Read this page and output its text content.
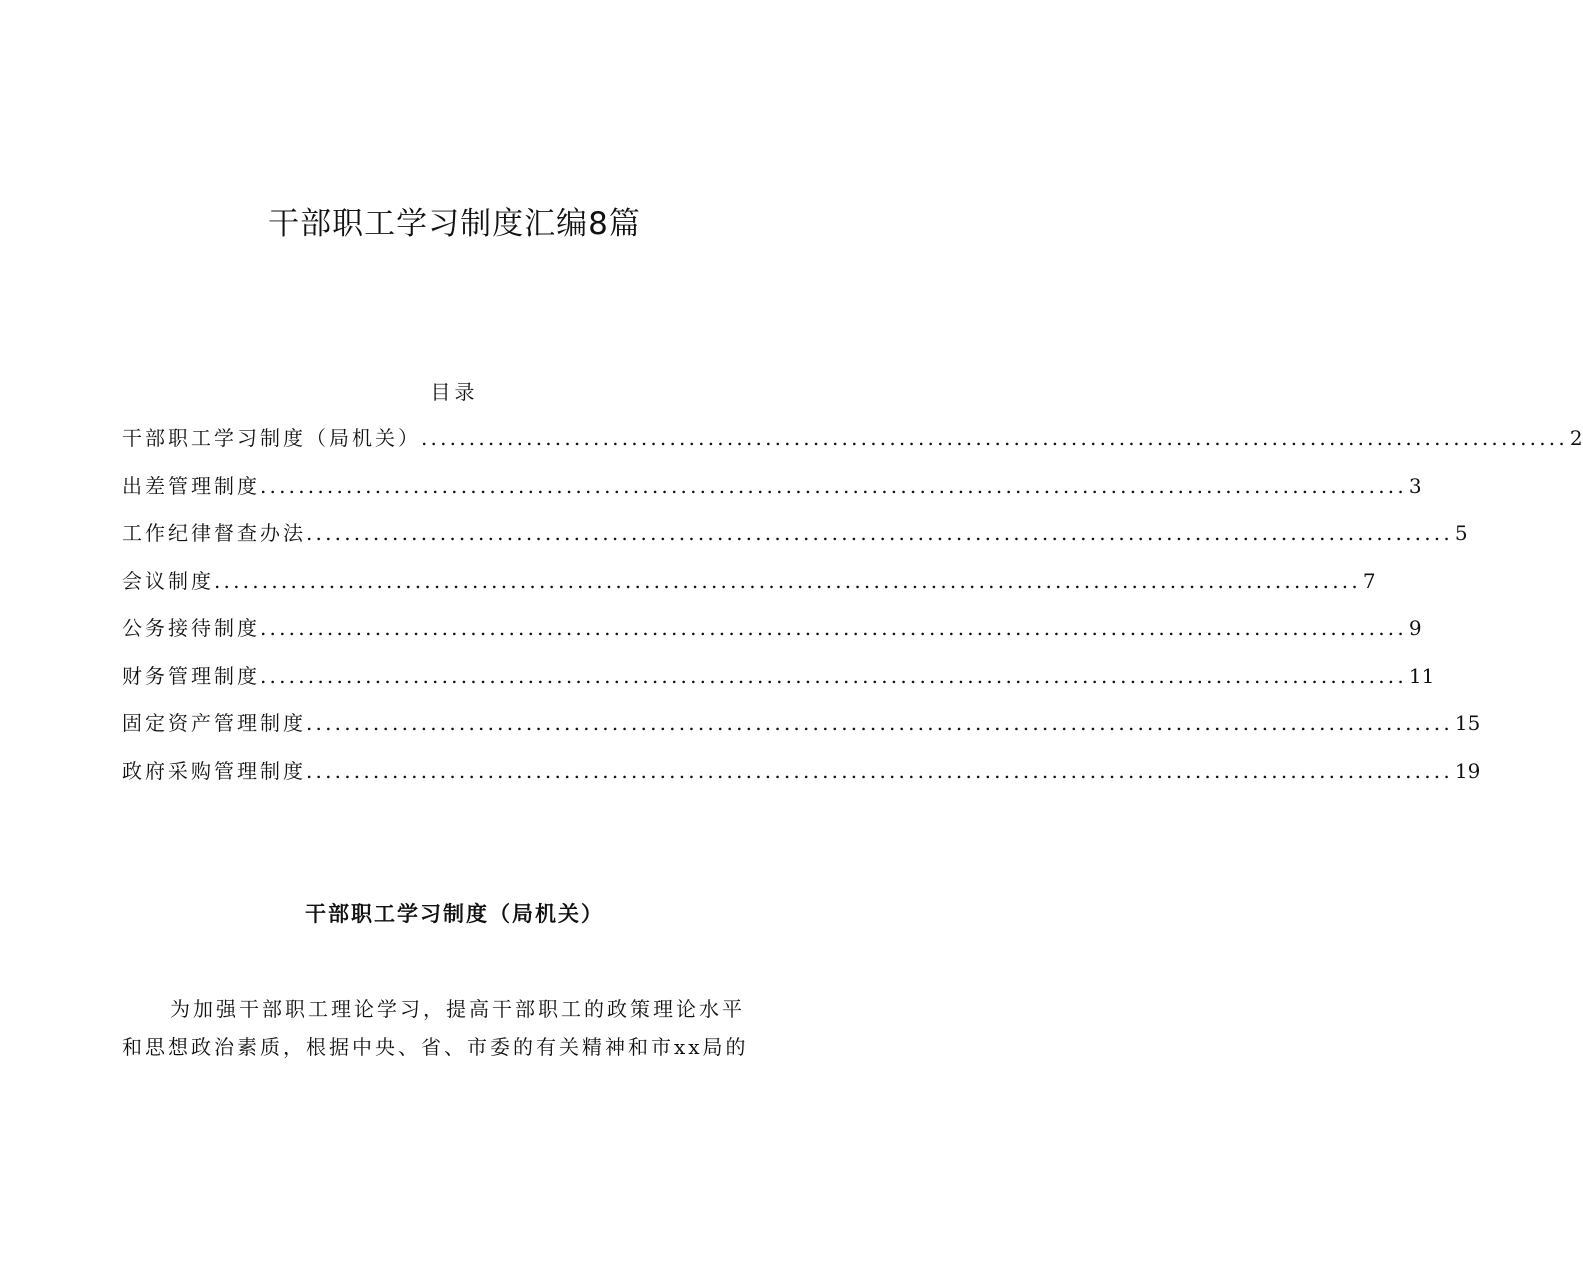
干部职工学习制度汇编8篇
目录
干部职工学习制度（局机关） ........................................................................................................................ 2
出差管理制度 ........................................................................................................................ 3
工作纪律督查办法 ........................................................................................................................ 5
会议制度 ........................................................................................................................ 7
公务接待制度 ........................................................................................................................ 9
财务管理制度 ........................................................................................................................ 11
固定资产管理制度 ........................................................................................................................ 15
政府采购管理制度 ........................................................................................................................ 19
干部职工学习制度（局机关）
为加强干部职工理论学习，提高干部职工的政策理论水平
和思想政治素质，根据中央、省、市委的有关精神和市xx局的
